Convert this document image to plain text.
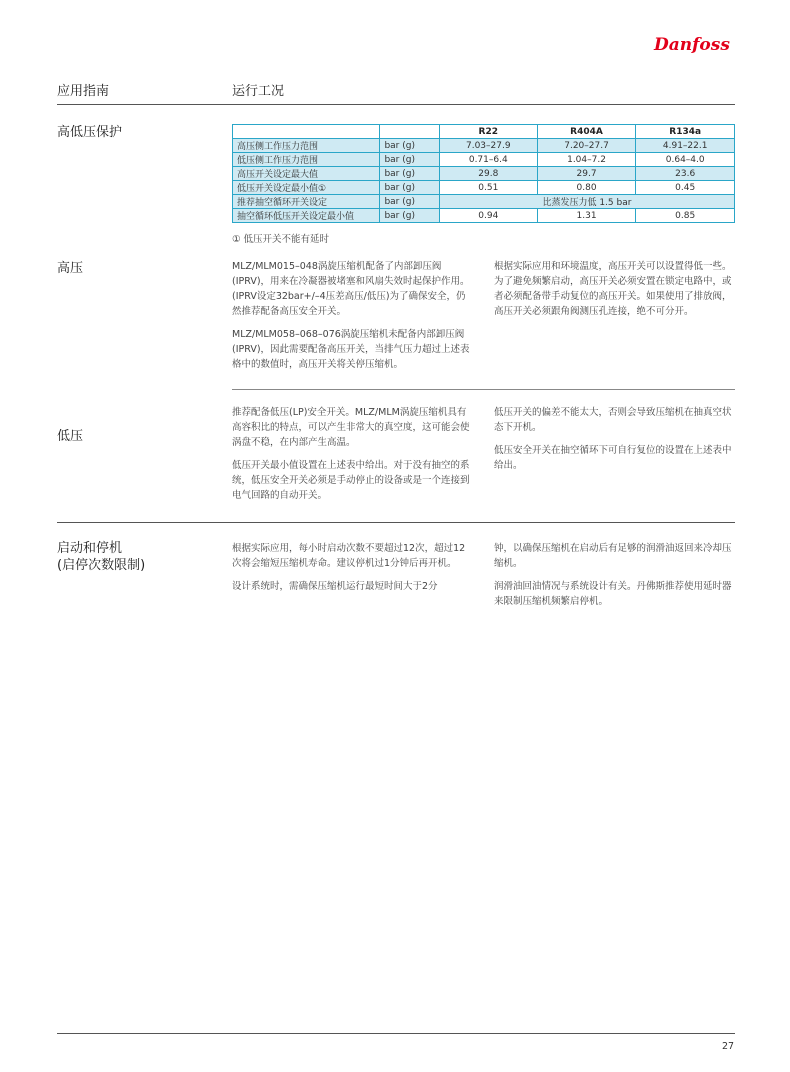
Danfoss
应用指南	运行工况
高低压保护
			R22	R404A	R134a
高压侧工作压力范围	bar (g)	7.03–27.9	7.20–27.7	4.91–22.1
低压侧工作压力范围	bar (g)	0.71–6.4	1.04–7.2	0.64–4.0
高压开关设定最大值	bar (g)	29.8	29.7	23.6
低压开关设定最小值①	bar (g)	0.51	0.80	0.45
推荐抽空循环开关设定	bar (g)	比蒸发压力低 1.5 bar		
抽空循环低压开关设定最小值	bar (g)	0.94	1.31	0.85
① 低压开关不能有延时
高压	MLZ/MLM015–048涡旋压缩机配备了内部卸压阀(IPRV)，用来在冷凝器被堵塞和风扇失效时起保护作用。(IPRV设定32bar+/–4压差高压/低压)为了确保安全，仍然推荐配备高压安全开关。

MLZ/MLM058–068–076涡旋压缩机未配备内部卸压阀(IPRV)，因此需要配备高压开关，当排气压力超过上述表格中的数值时，高压开关将关停压缩机。

根据实际应用和环境温度，高压开关可以设置得低一些。为了避免频繁启动，高压开关必须安置在锁定电路中，或者必须配备带手动复位的高压开关。如果使用了排放阀，高压开关必须跟角阀测压孔连接，绝不可分开。

低压

推荐配备低压(LP)安全开关。MLZ/MLM涡旋压缩机具有高容积比的特点，可以产生非常大的真空度，这可能会使涡盘不稳，在内部产生高温。

低压开关最小值设置在上述表中给出。对于没有抽空的系统，低压安全开关必须是手动停止的设备或是一个连接到电气回路的自动开关。

低压开关的偏差不能太大，否则会导致压缩机在抽真空状态下开机。

低压安全开关在抽空循环下可自行复位的设置在上述表中给出。

启动和停机
(启停次数限制)

根据实际应用，每小时启动次数不要超过12次，超过12次将会缩短压缩机寿命。建议停机过1分钟后再开机。

设计系统时，需确保压缩机运行最短时间大于2分

钟，以确保压缩机在启动后有足够的润滑油返回来冷却压缩机。

润滑油回油情况与系统设计有关。丹佛斯推荐使用延时器来限制压缩机频繁启停机。

27
